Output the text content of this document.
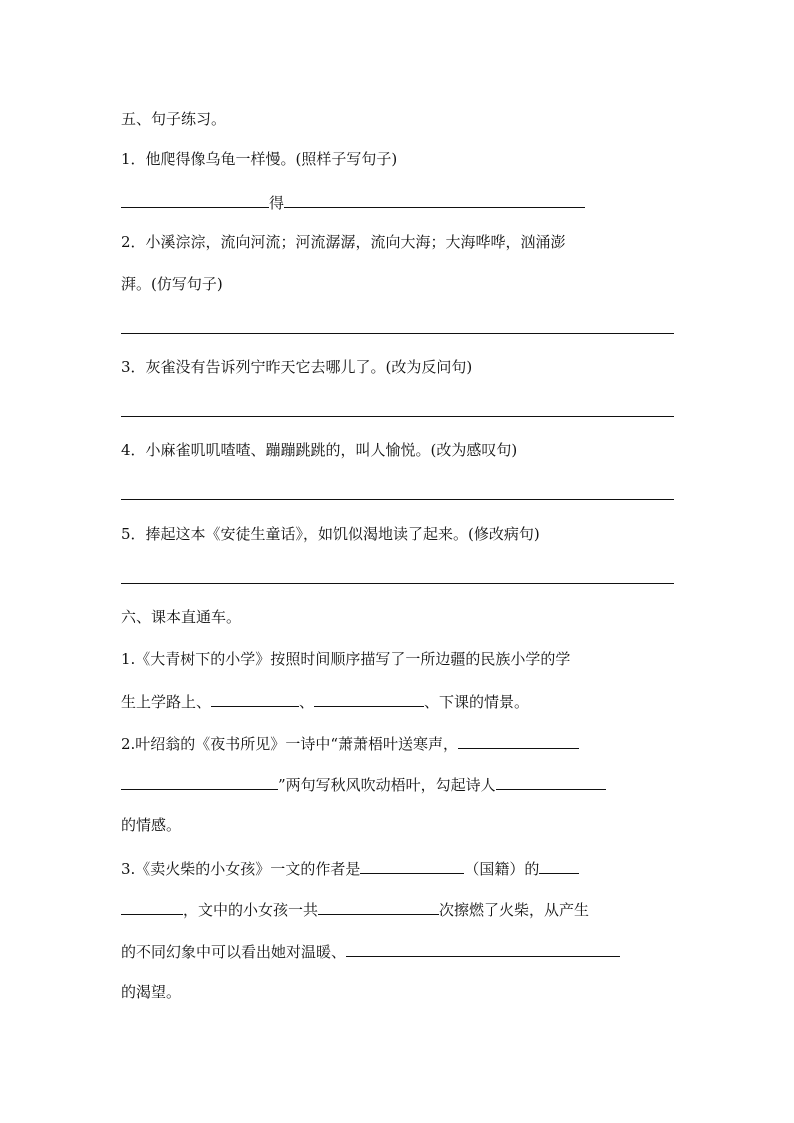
五、句子练习。
1．他爬得像乌龟一样慢。(照样子写句子)
得
2．小溪淙淙，流向河流；河流潺潺，流向大海；大海哗哗，汹涌澎
湃。(仿写句子)
3．灰雀没有告诉列宁昨天它去哪儿了。(改为反问句)
4．小麻雀叽叽喳喳、蹦蹦跳跳的，叫人愉悦。(改为感叹句)
5．捧起这本《安徒生童话》，如饥似渴地读了起来。(修改病句)
六、课本直通车。
1.《大青树下的小学》按照时间顺序描写了一所边疆的民族小学的学
生上学路上、	、	、下课的情景。
2.叶绍翁的《夜书所见》一诗中“萧萧梧叶送寒声，
”两句写秋风吹动梧叶，勾起诗人
的情感。
3.《卖火柴的小女孩》一文的作者是	（国籍）的
，文中的小女孩一共	次擦燃了火柴，从产生
的不同幻象中可以看出她对温暖、
的渴望。
